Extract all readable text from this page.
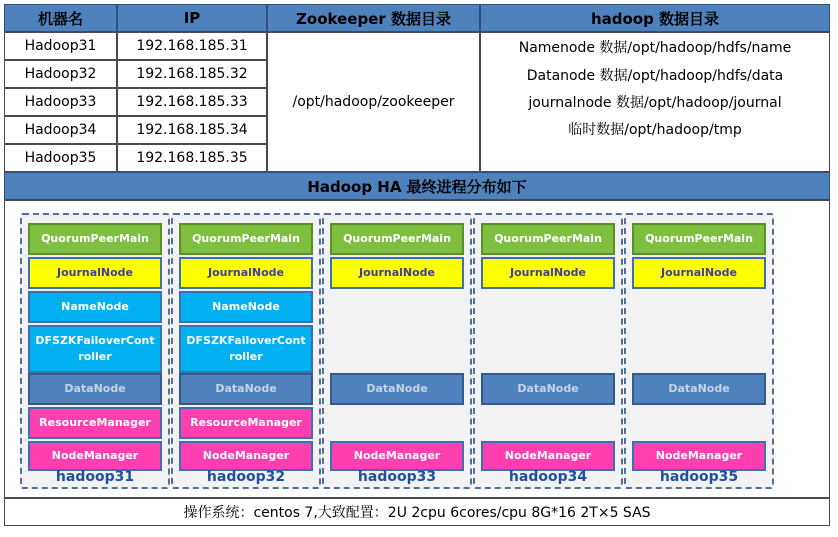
机器名	IP	Zookeeper 数据目录	hadoop 数据目录
Hadoop31	192.168.185.31
Hadoop32	192.168.185.32
Hadoop33	192.168.185.33
Hadoop34	192.168.185.34
Hadoop35	192.168.185.35
/opt/hadoop/zookeeper
Namenode 数据/opt/hadoop/hdfs/name
Datanode 数据/opt/hadoop/hdfs/data
journalnode 数据/opt/hadoop/journal
临时数据/opt/hadoop/tmp
Hadoop HA 最终进程分布如下
QuorumPeerMain
JournalNode
NameNode
DFSZKFailoverController
DataNode
ResourceManager
NodeManager
hadoop31
QuorumPeerMain
JournalNode
NameNode
DFSZKFailoverController
DataNode
ResourceManager
NodeManager
hadoop32
QuorumPeerMain
JournalNode
DataNode
NodeManager
hadoop33
QuorumPeerMain
JournalNode
DataNode
NodeManager
hadoop34
QuorumPeerMain
JournalNode
DataNode
NodeManager
hadoop35
操作系统：centos 7,大致配置：2U 2cpu 6cores/cpu 8G*16 2T×5 SAS
